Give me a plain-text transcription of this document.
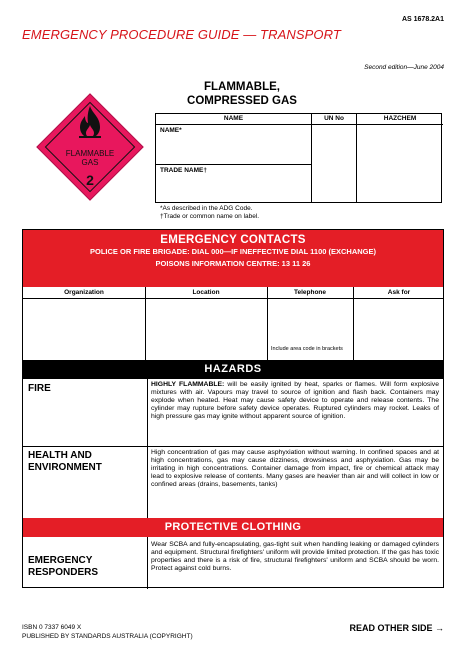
AS 1678.2A1
EMERGENCY PROCEDURE GUIDE — TRANSPORT
Second edition—June 2004
FLAMMABLE,
COMPRESSED GAS
FLAMMABLE
GAS
2
NAME
NAME*
TRADE NAME†
UN No	HAZCHEM
*As described in the ADG Code.
†Trade or common name on label.
EMERGENCY CONTACTS
POLICE OR FIRE BRIGADE: DIAL 000—IF INEFFECTIVE DIAL 1100 (EXCHANGE)
POISONS INFORMATION CENTRE: 13 11 26
Organization	Location	Telephone	Ask for
Include area code in brackets
HAZARDS
FIRE	HIGHLY FLAMMABLE: will be easily ignited by heat, sparks or flames. Will form explosive mixtures with air. Vapours may travel to source of ignition and flash back. Containers may explode when heated. Heat may cause safety device to operate and release contents. The cylinder may rupture before safety device operates. Ruptured cylinders may rocket. Leaks of high pressure gas may ignite without apparent source of ignition.
HEALTH AND
ENVIRONMENT
High concentration of gas may cause asphyxiation without warning. In confined spaces and at high concentrations, gas may cause dizziness, drowsiness and asphyxiation. Gas may be irritating in high concentrations. Container damage from impact, fire or chemical attack may lead to explosive release of contents. Many gases are heavier than air and will collect in low or confined areas (drains, basements, tanks)
PROTECTIVE CLOTHING
EMERGENCY
RESPONDERS
Wear SCBA and fully-encapsulating, gas-tight suit when handling leaking or damaged cylinders and equipment. Structural firefighters' uniform will provide limited protection. If the gas has toxic properties and there is a risk of fire, structural firefighters' uniform and SCBA should be worn. Protect against cold burns.
ISBN 0 7337 6049 X
PUBLISHED BY STANDARDS AUSTRALIA (COPYRIGHT)
READ OTHER SIDE →
